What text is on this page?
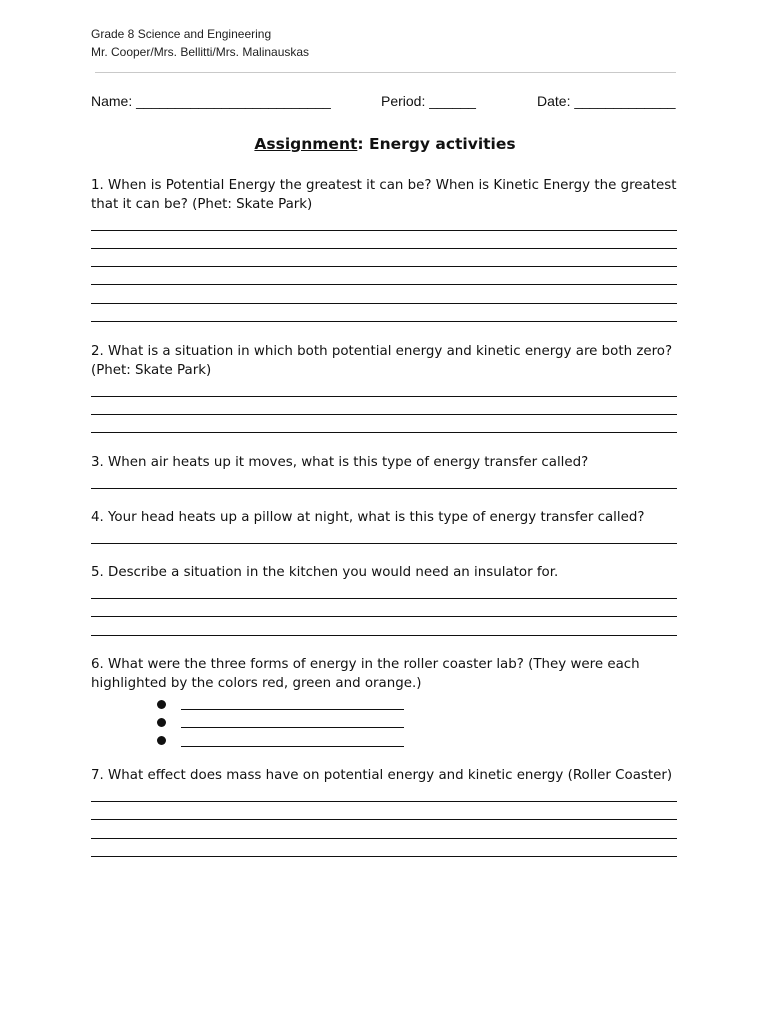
Grade 8 Science and Engineering
Mr. Cooper/Mrs. Bellitti/Mrs. Malinauskas
Name: _________________________	Period: ______	Date: _____________
Assignment: Energy activities
1. When is Potential Energy the greatest it can be? When is Kinetic Energy the greatest that it can be? (Phet: Skate Park)
2. What is a situation in which both potential energy and kinetic energy are both zero? (Phet: Skate Park)
3. When air heats up it moves, what is this type of energy transfer called?
4. Your head heats up a pillow at night, what is this type of energy transfer called?
5. Describe a situation in the kitchen you would need an insulator for.
6. What were the three forms of energy in the roller coaster lab? (They were each highlighted by the colors red, green and orange.)
7. What effect does mass have on potential energy and kinetic energy (Roller Coaster)
